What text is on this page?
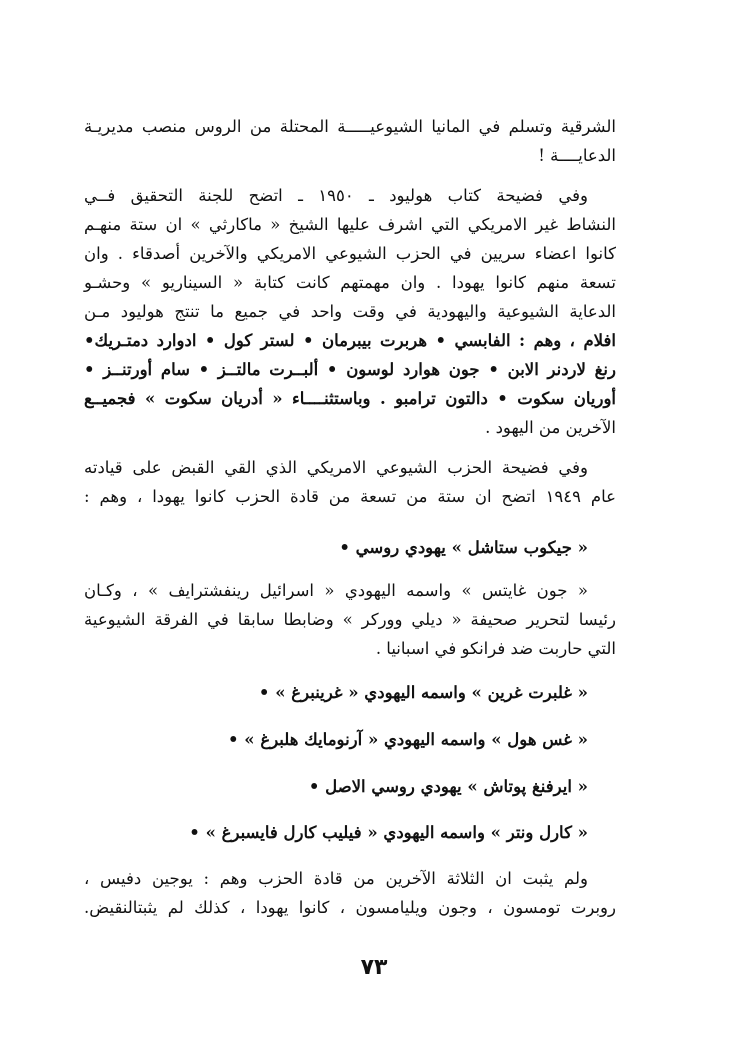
الشرقية وتسلم في المانيا الشيوعيـــــة المحتلة من الروس منصب مديريـة
الدعايــــة !
وفي فضيحة كتاب هوليود ـ ١٩٥٠ ـ اتضح للجنة التحقيق فــي
النشاط غير الامريكي التي اشرف عليها الشيخ « ماكارثي » ان ستة منهـم
كانوا اعضاء سريين في الحزب الشيوعي الامريكي والآخرين أصدقاء . وان
تسعة منهم كانوا يهودا . وان مهمتهم كانت كتابة « السيناريو » وحشـو
الدعاية الشيوعية واليهودية في وقت واحد في جميع ما تنتج هوليود مـن
افلام ، وهم : الفابسي • هربرت بيبرمان • لستر كول • ادوارد دمتـريك•
رنغ لاردنر الابن • جون هوارد لوسون • ألبــرت مالتــز • سام أورتنــز •
أوريان سكوت • دالتون ترامبو . وباستثنــــاء « أدريان سكوت » فجميــع
الآخرين من اليهود .
وفي فضيحة الحزب الشيوعي الامريكي الذي القي القبض على قيادته
عام ١٩٤٩ اتضح ان ستة من تسعة من قادة الحزب كانوا يهودا ، وهم :
« جيكوب ستاشل » يهودي روسي •
« جون غايتس » واسمه اليهودي « اسرائيل رينفشترايف » ، وكـان
رئيسا لتحرير صحيفة « ديلي ووركر » وضابطا سابقا في الفرقة الشيوعية
التي حاربت ضد فرانكو في اسبانيا .
« غلبرت غرين » واسمه اليهودي « غرينبرغ » •
« غس هول » واسمه اليهودي « آرنومايك هلبرغ » •
« ايرفنغ پوتاش » يهودي روسي الاصل •
« كارل ونتر » واسمه اليهودي « فيليب كارل فايسبرغ » •
ولم يثبت ان الثلاثة الآخرين من قادة الحزب وهم : يوجين دفيس ،
روبرت تومسون ، وجون ويليامسون ، كانوا يهودا ، كذلك لم يثبتالنقيض.
٧٣
